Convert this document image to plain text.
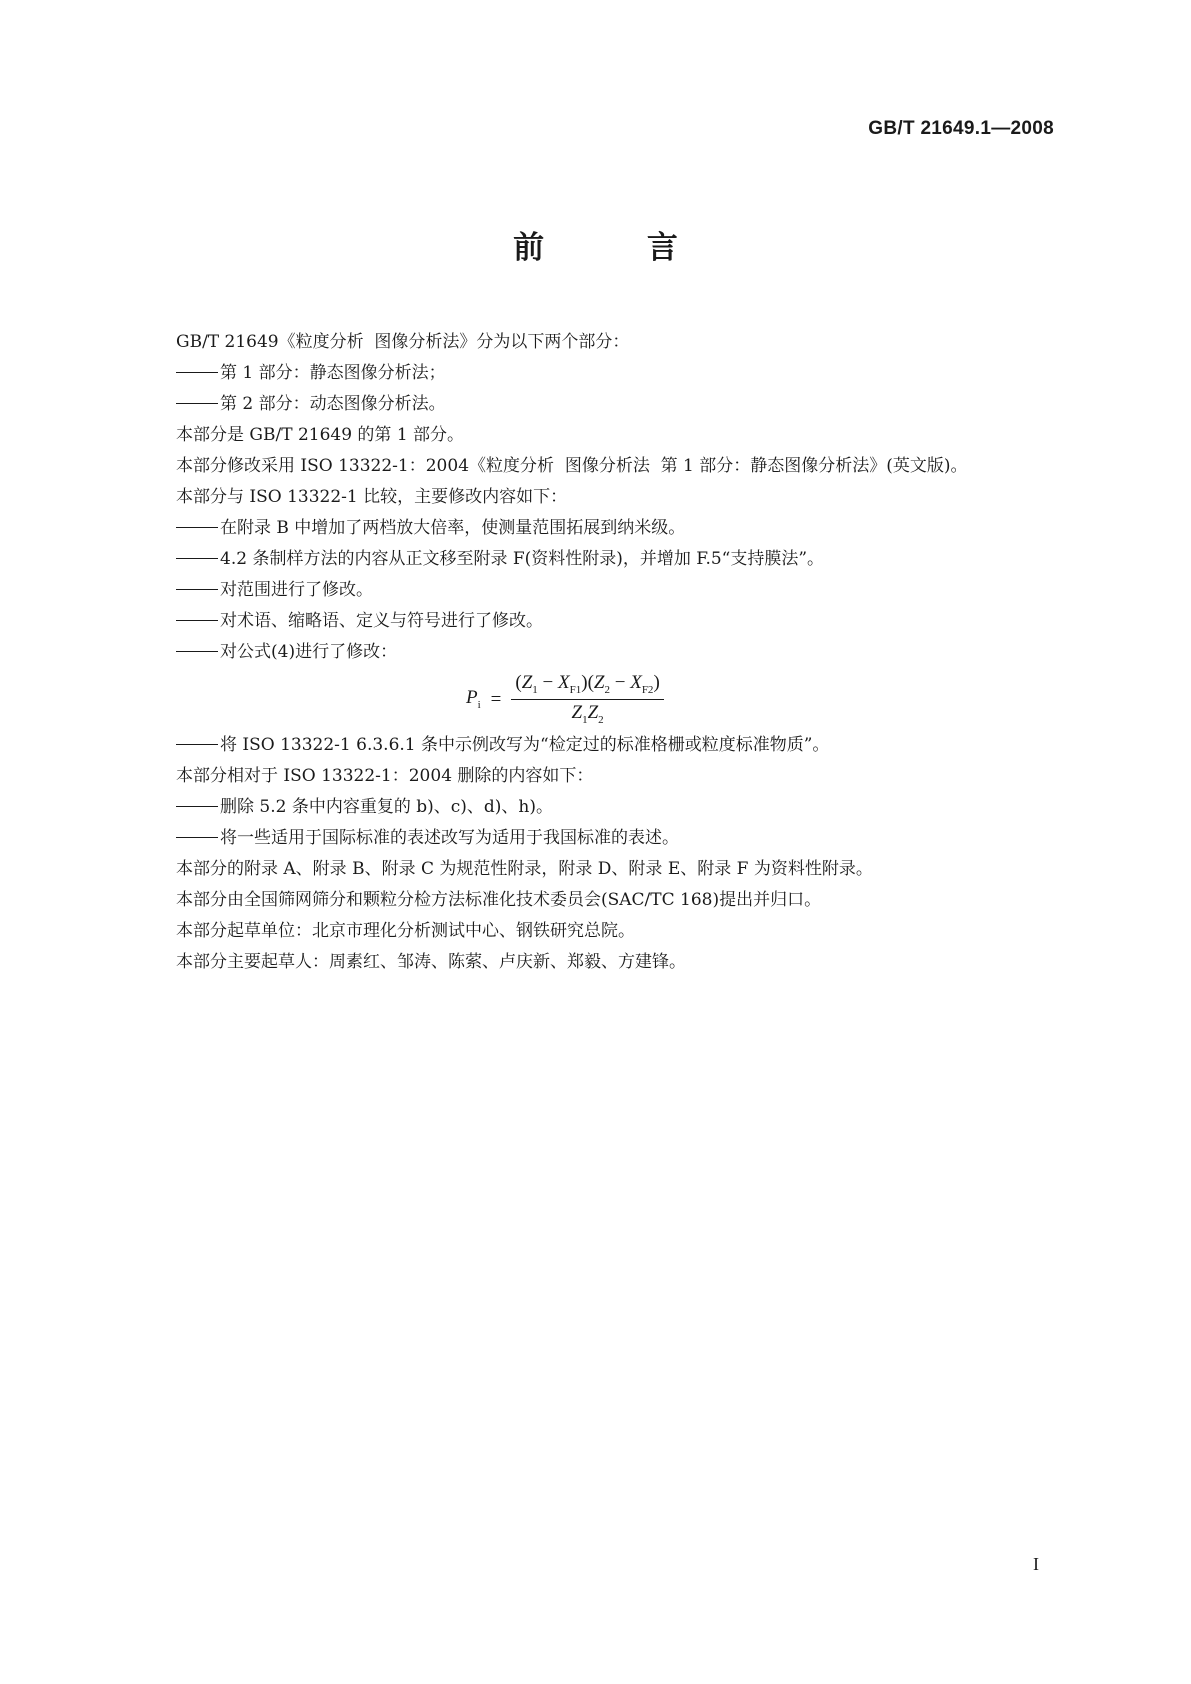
GB/T 21649.1—2008
前 言
GB/T 21649《粒度分析  图像分析法》分为以下两个部分：
第 1 部分：静态图像分析法；
第 2 部分：动态图像分析法。
本部分是 GB/T 21649 的第 1 部分。
本部分修改采用 ISO 13322-1：2004《粒度分析  图像分析法  第 1 部分：静态图像分析法》(英文版)。
本部分与 ISO 13322-1 比较，主要修改内容如下：
在附录 B 中增加了两档放大倍率，使测量范围拓展到纳米级。
4.2 条制样方法的内容从正文移至附录 F(资料性附录)，并增加 F.5“支持膜法”。
对范围进行了修改。
对术语、缩略语、定义与符号进行了修改。
对公式(4)进行了修改：
$P_i = \frac{(Z_1 - X_{F1})(Z_2 - X_{F2})}{Z_1Z_2}$
将 ISO 13322-1 6.3.6.1 条中示例改写为“检定过的标准格栅或粒度标准物质”。
本部分相对于 ISO 13322-1：2004 删除的内容如下：
删除 5.2 条中内容重复的 b)、c)、d)、h)。
将一些适用于国际标准的表述改写为适用于我国标准的表述。
本部分的附录 A、附录 B、附录 C 为规范性附录，附录 D、附录 E、附录 F 为资料性附录。
本部分由全国筛网筛分和颗粒分检方法标准化技术委员会(SAC/TC 168)提出并归口。
本部分起草单位：北京市理化分析测试中心、钢铁研究总院。
本部分主要起草人：周素红、邹涛、陈萦、卢庆新、郑毅、方建锋。
I
